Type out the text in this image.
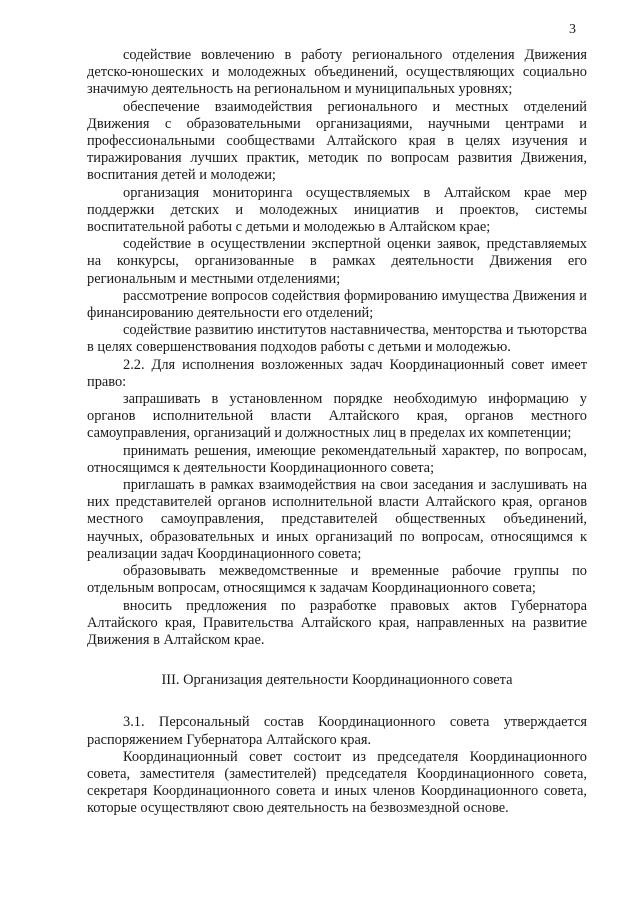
3

содействие вовлечению в работу регионального отделения Движения детско-юношеских и молодежных объединений, осуществляющих социально значимую деятельность на региональном и муниципальных уровнях;

обеспечение взаимодействия регионального и местных отделений Движения с образовательными организациями, научными центрами и профессиональными сообществами Алтайского края в целях изучения и тиражирования лучших практик, методик по вопросам развития Движения, воспитания детей и молодежи;

организация мониторинга осуществляемых в Алтайском крае мер поддержки детских и молодежных инициатив и проектов, системы воспитательной работы с детьми и молодежью в Алтайском крае;

содействие в осуществлении экспертной оценки заявок, представляемых на конкурсы, организованные в рамках деятельности Движения его региональным и местными отделениями;

рассмотрение вопросов содействия формированию имущества Движения и финансированию деятельности его отделений;

содействие развитию институтов наставничества, менторства и тьюторства в целях совершенствования подходов работы с детьми и молодежью.

2.2. Для исполнения возложенных задач Координационный совет имеет право:

запрашивать в установленном порядке необходимую информацию у органов исполнительной власти Алтайского края, органов местного самоуправления, организаций и должностных лиц в пределах их компетенции;

принимать решения, имеющие рекомендательный характер, по вопросам, относящимся к деятельности Координационного совета;

приглашать в рамках взаимодействия на свои заседания и заслушивать на них представителей органов исполнительной власти Алтайского края, органов местного самоуправления, представителей общественных объединений, научных, образовательных и иных организаций по вопросам, относящимся к реализации задач Координационного совета;

образовывать межведомственные и временные рабочие группы по отдельным вопросам, относящимся к задачам Координационного совета;

вносить предложения по разработке правовых актов Губернатора Алтайского края, Правительства Алтайского края, направленных на развитие Движения в Алтайском крае.

III. Организация деятельности Координационного совета

3.1. Персональный состав Координационного совета утверждается распоряжением Губернатора Алтайского края.

Координационный совет состоит из председателя Координационного совета, заместителя (заместителей) председателя Координационного совета, секретаря Координационного совета и иных членов Координационного совета, которые осуществляют свою деятельность на безвозмездной основе.
